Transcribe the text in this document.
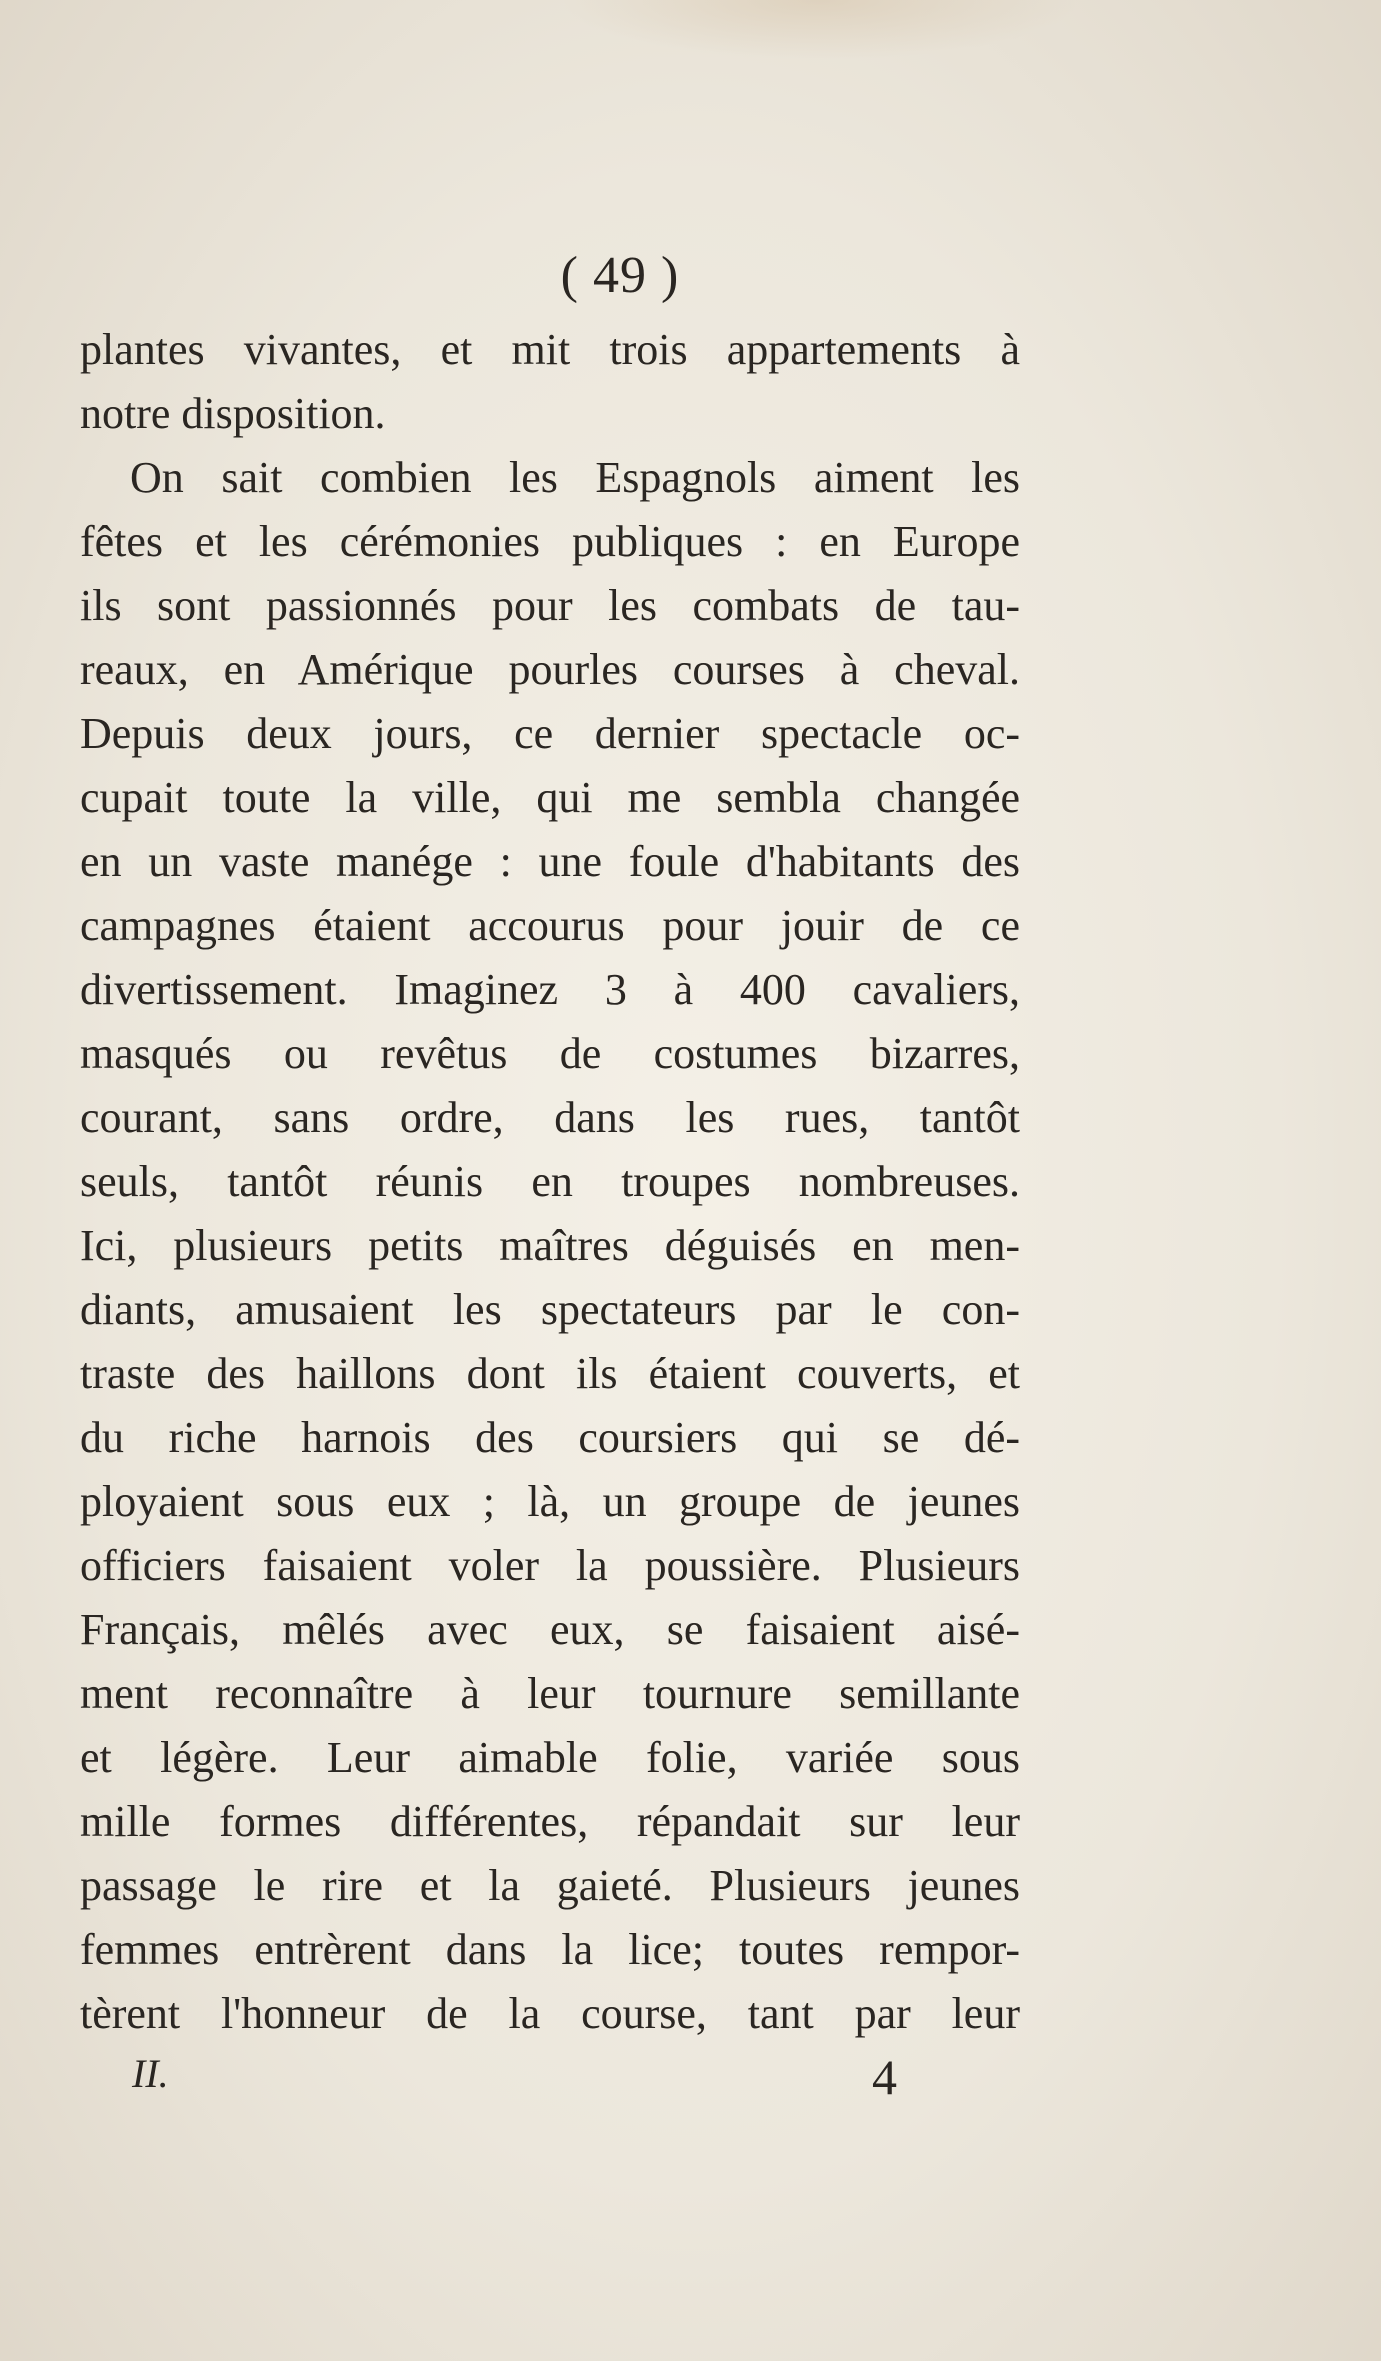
( 49 )
plantes vivantes, et mit trois appartements à
notre disposition.
On sait combien les Espagnols aiment les
fêtes et les cérémonies publiques : en Europe
ils sont passionnés pour les combats de tau-
reaux, en Amérique pourles courses à cheval.
Depuis deux jours, ce dernier spectacle oc-
cupait toute la ville, qui me sembla changée
en un vaste manége : une foule d'habitants des
campagnes étaient accourus pour jouir de ce
divertissement. Imaginez 3 à 400 cavaliers,
masqués ou revêtus de costumes bizarres,
courant, sans ordre, dans les rues, tantôt
seuls, tantôt réunis en troupes nombreuses.
Ici, plusieurs petits maîtres déguisés en men-
diants, amusaient les spectateurs par le con-
traste des haillons dont ils étaient couverts, et
du riche harnois des coursiers qui se dé-
ployaient sous eux ; là, un groupe de jeunes
officiers faisaient voler la poussière. Plusieurs
Français, mêlés avec eux, se faisaient aisé-
ment reconnaître à leur tournure semillante
et légère. Leur aimable folie, variée sous
mille formes différentes, répandait sur leur
passage le rire et la gaieté. Plusieurs jeunes
femmes entrèrent dans la lice; toutes rempor-
tèrent l'honneur de la course, tant par leur
II.	4
